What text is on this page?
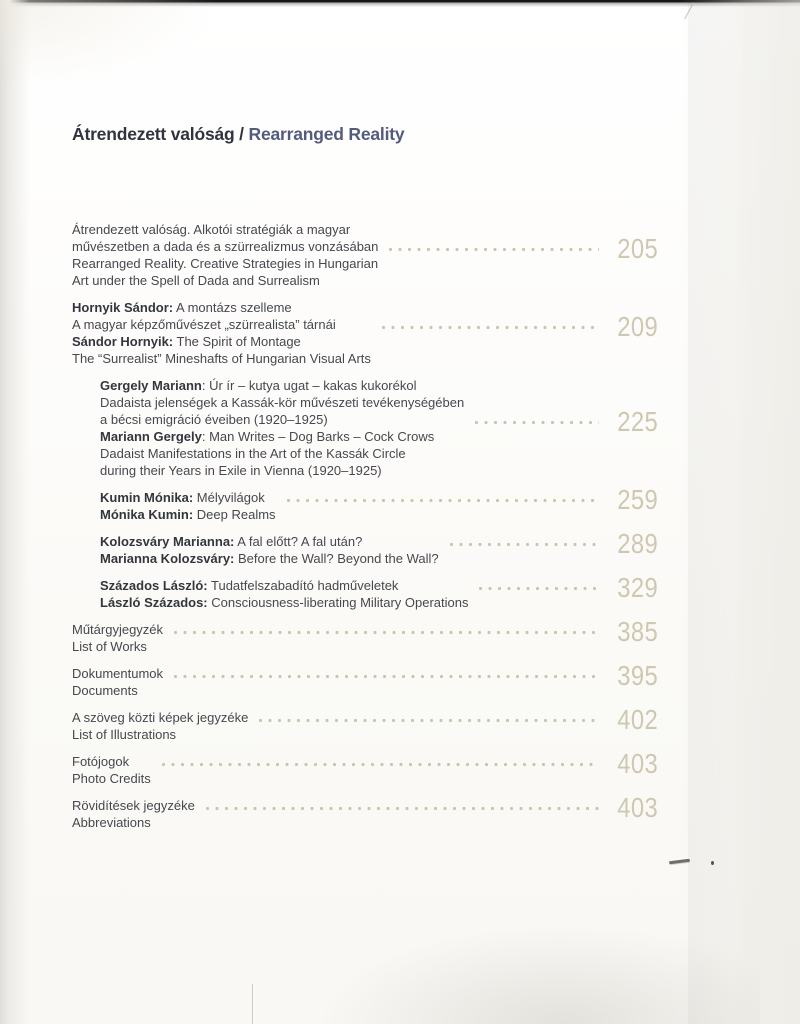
Átrendezett valóság / Rearranged Reality
Átrendezett valóság. Alkotói stratégiák a magyar
művészetben a dada és a szürrealizmus vonzásában
Rearranged Reality. Creative Strategies in Hungarian
Art under the Spell of Dada and Surrealism
205
Hornyik Sándor: A montázs szelleme
A magyar képzőművészet „szürrealista” tárnái
Sándor Hornyik: The Spirit of Montage
The “Surrealist” Mineshafts of Hungarian Visual Arts
209
Gergely Mariann: Úr ír – kutya ugat – kakas kukorékol
Dadaista jelenségek a Kassák-kör művészeti tevékenységében
a bécsi emigráció éveiben (1920–1925)
Mariann Gergely: Man Writes – Dog Barks – Cock Crows
Dadaist Manifestations in the Art of the Kassák Circle
during their Years in Exile in Vienna (1920–1925)
225
Kumin Mónika: Mélyvilágok
Mónika Kumin: Deep Realms	259
Kolozsváry Marianna: A fal előtt? A fal után?
Marianna Kolozsváry: Before the Wall? Beyond the Wall?	289
Százados László: Tudatfelszabadító hadműveletek
László Százados: Consciousness-liberating Military Operations	329
Műtárgyjegyzék
List of Works	385
Dokumentumok
Documents	395
A szöveg közti képek jegyzéke
List of Illustrations	402
Fotójogok
Photo Credits	403
Rövidítések jegyzéke
Abbreviations	403
